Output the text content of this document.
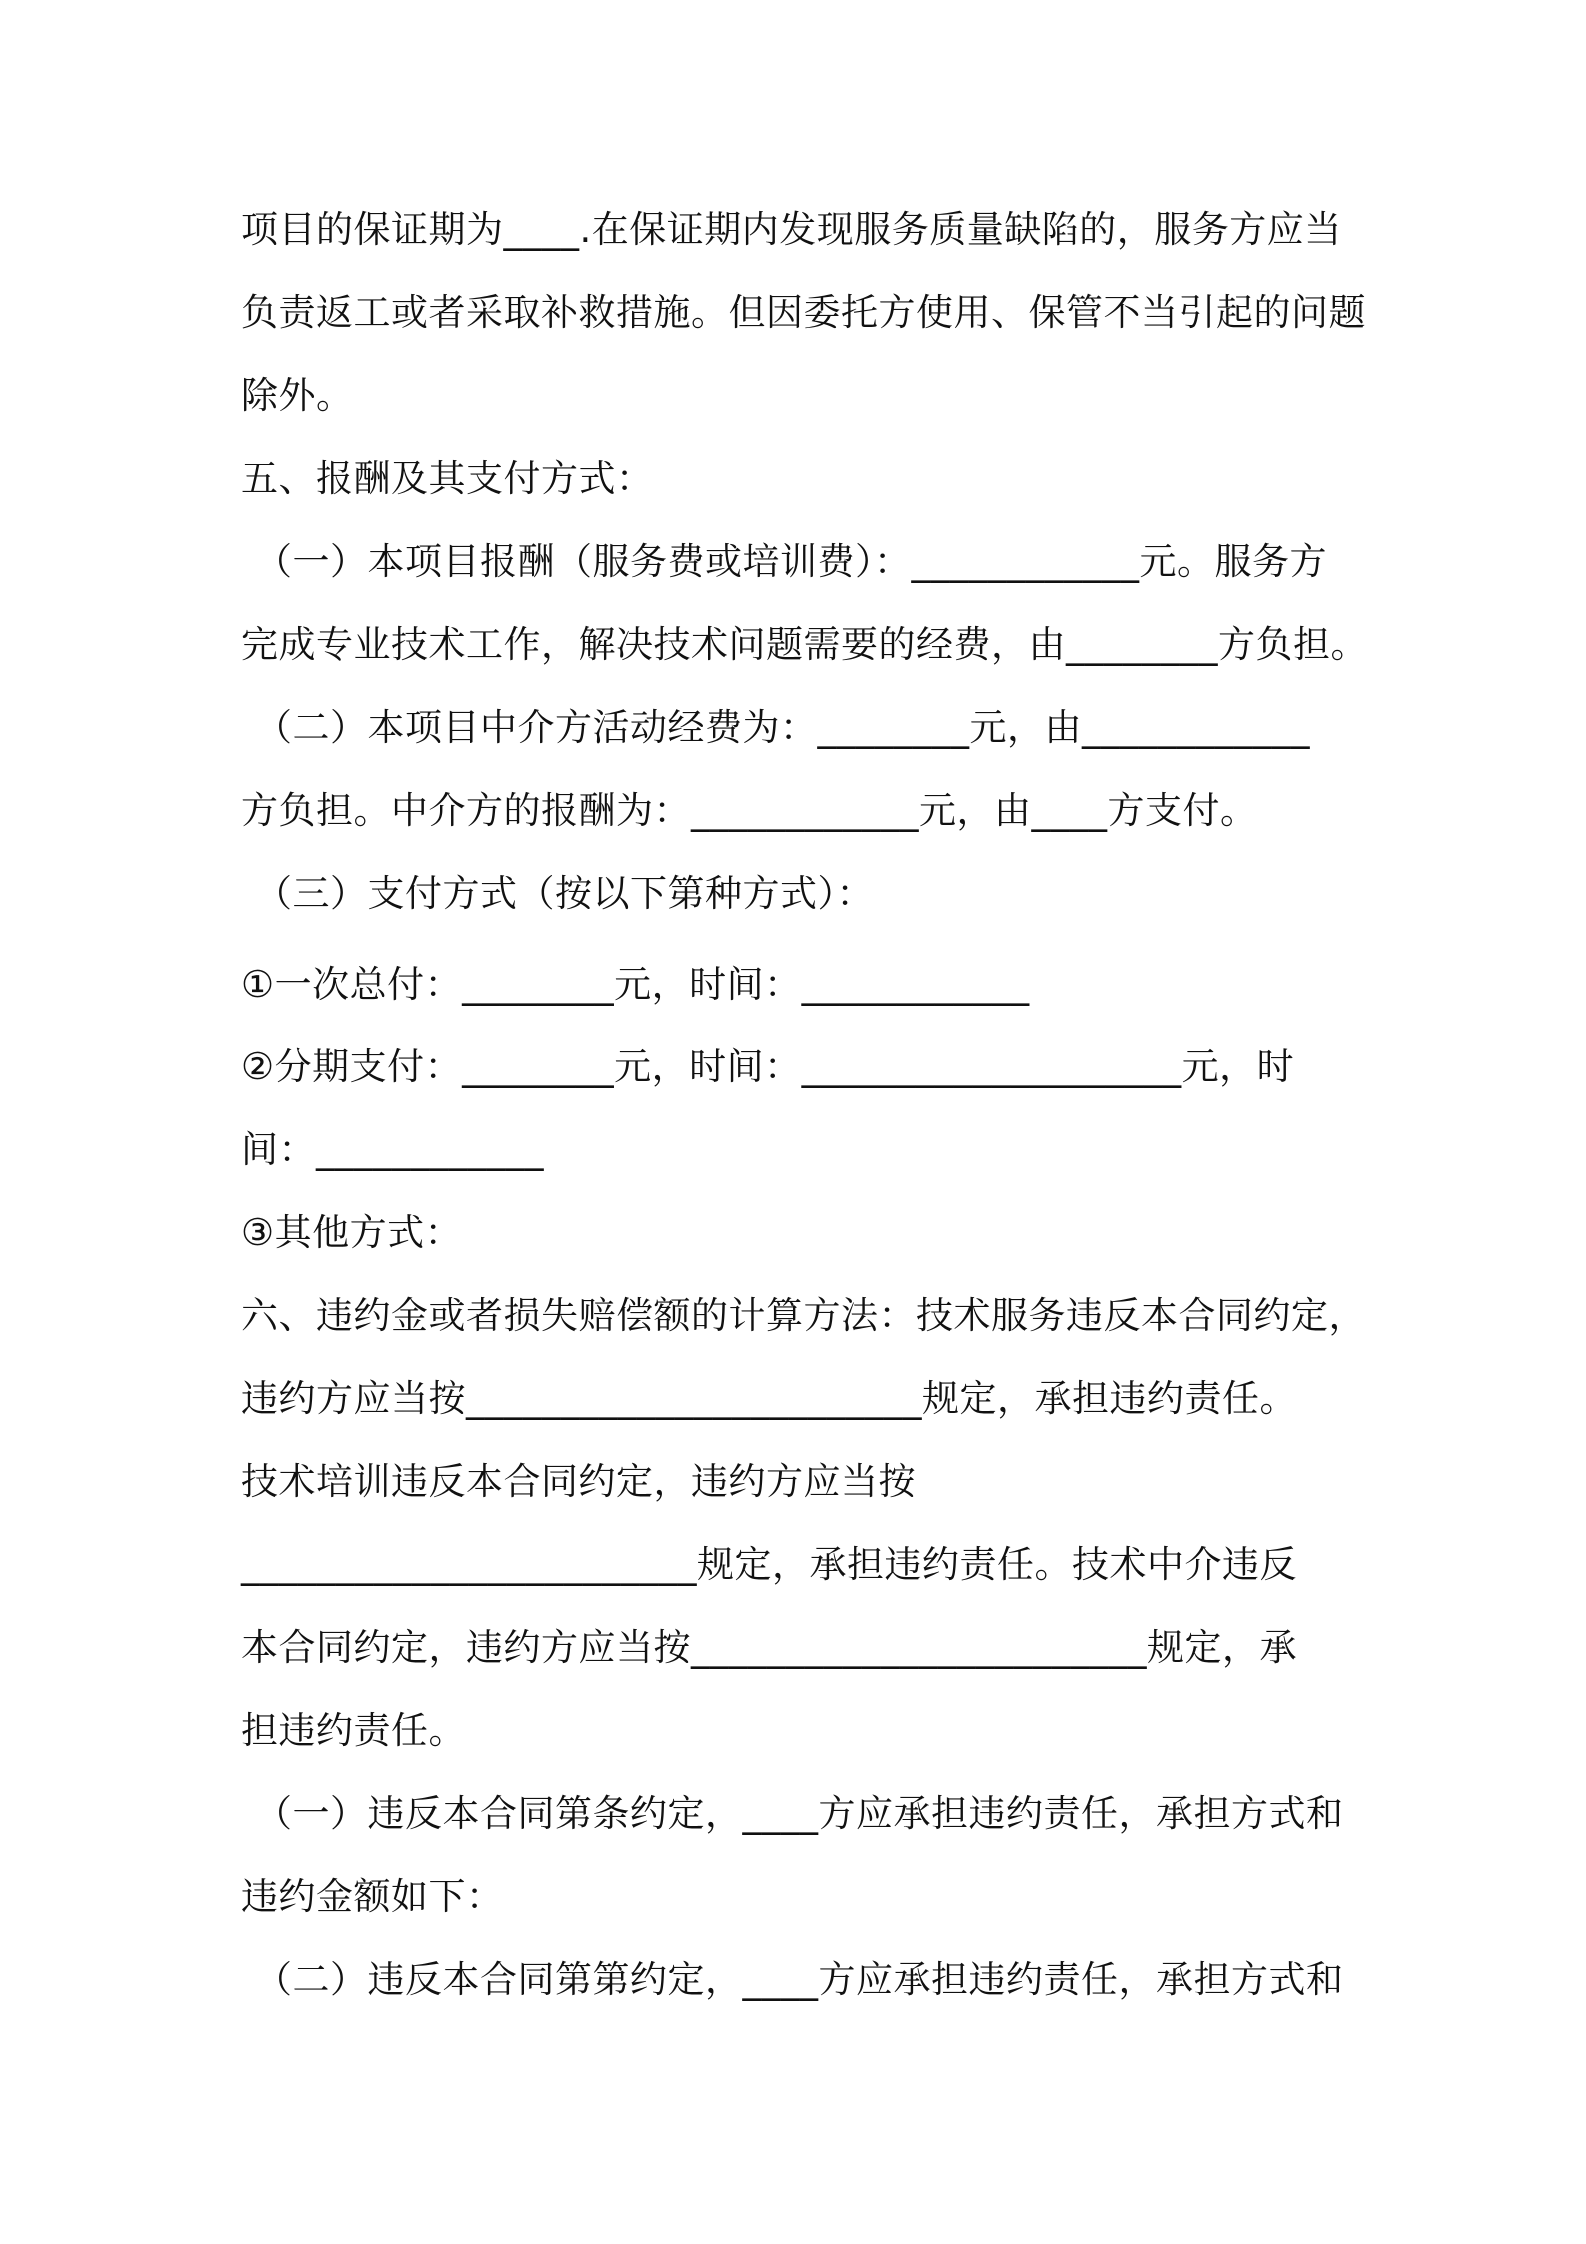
项目的保证期为____.在保证期内发现服务质量缺陷的，服务方应当
负责返工或者采取补救措施。但因委托方使用、保管不当引起的问题
除外。
五、报酬及其支付方式：
（一）本项目报酬（服务费或培训费）：____________元。服务方
完成专业技术工作，解决技术问题需要的经费，由________方负担。
（二）本项目中介方活动经费为：________元，由____________
方负担。中介方的报酬为：____________元，由____方支付。
（三）支付方式（按以下第种方式）：
①一次总付：________元，时间：____________
②分期支付：________元，时间：____________________元，时
间：____________
③其他方式：
六、违约金或者损失赔偿额的计算方法：技术服务违反本合同约定，
违约方应当按________________________规定，承担违约责任。
技术培训违反本合同约定，违约方应当按
________________________规定，承担违约责任。技术中介违反
本合同约定，违约方应当按________________________规定，承
担违约责任。
（一）违反本合同第条约定，____方应承担违约责任，承担方式和
违约金额如下：
（二）违反本合同第第约定，____方应承担违约责任，承担方式和
